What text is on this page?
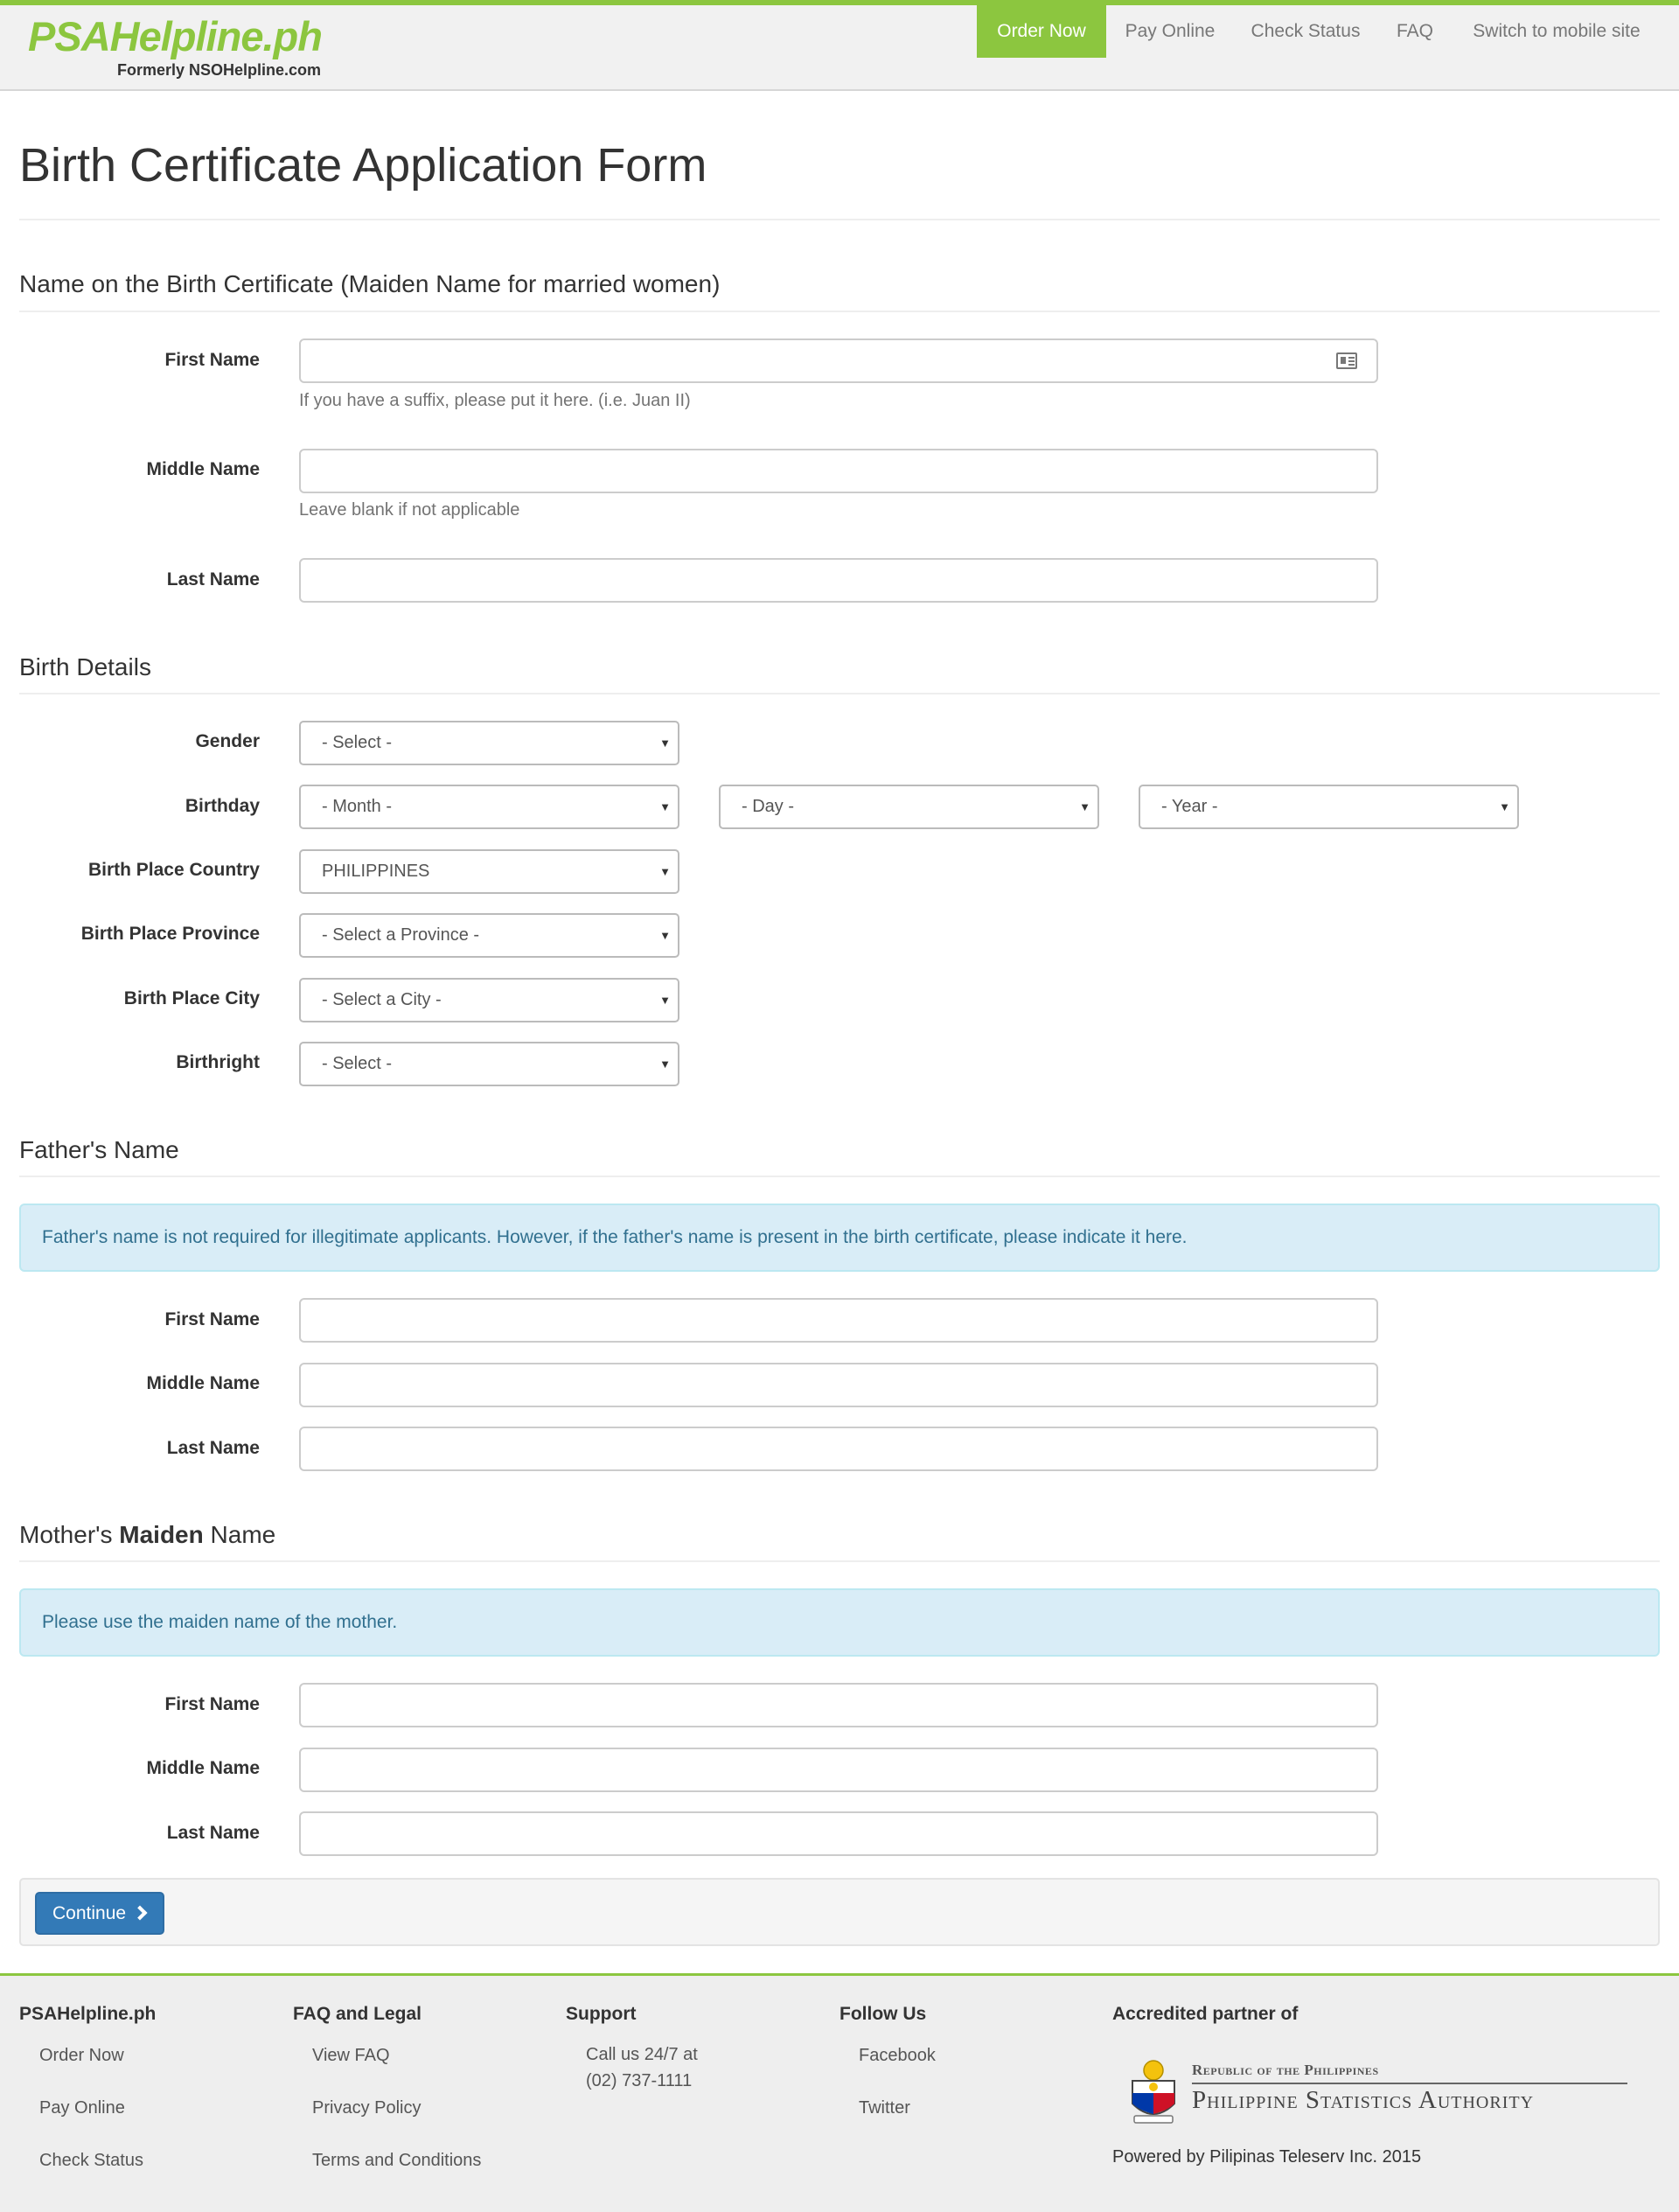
PSAHelpline.ph
Formerly NSOHelpline.com
Order Now	Pay Online	Check Status	FAQ	Switch to mobile site
Birth Certificate Application Form
Name on the Birth Certificate (Maiden Name for married women)
First Name
If you have a suffix, please put it here. (i.e. Juan II)
Middle Name
Leave blank if not applicable
Last Name
Birth Details
Gender	- Select -	▼
Birthday	- Month -	▼	- Day -	▼	- Year -	▼
Birth Place Country	PHILIPPINES	▼
Birth Place Province	- Select a Province -	▼
Birth Place City	- Select a City -	▼
Birthright	- Select -	▼
Father's Name
Father's name is not required for illegitimate applicants. However, if the father's name is present in the birth certificate, please indicate it here.
First Name
Middle Name
Last Name
Mother's Maiden Name
Please use the maiden name of the mother.
First Name
Middle Name
Last Name
Continue
PSAHelpline.ph
Order Now
Pay Online
Check Status
FAQ and Legal
View FAQ
Privacy Policy
Terms and Conditions
Support
Call us 24/7 at
(02) 737-1111
Follow Us
Facebook
Twitter
Accredited partner of
Republic of the Philippines
Philippine Statistics Authority
Powered by Pilipinas Teleserv Inc. 2015
